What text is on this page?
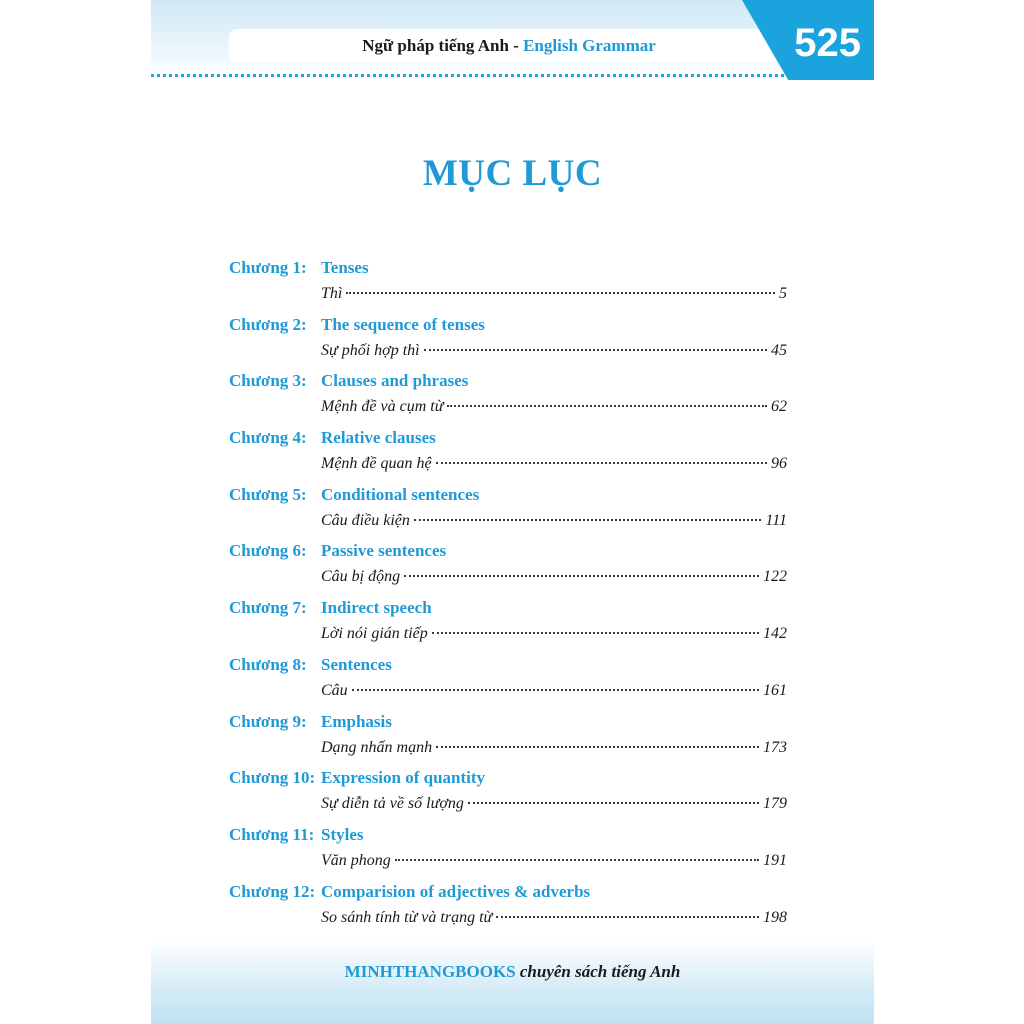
Ngữ pháp tiếng Anh - English Grammar	525
MỤC LỤC
Chương 1: Tenses
Thì	5
Chương 2: The sequence of tenses
Sự phối hợp thì	45
Chương 3: Clauses and phrases
Mệnh đề và cụm từ	62
Chương 4: Relative clauses
Mệnh đề quan hệ	96
Chương 5: Conditional sentences
Câu điều kiện	111
Chương 6: Passive sentences
Câu bị động	122
Chương 7: Indirect speech
Lời nói gián tiếp	142
Chương 8: Sentences
Câu	161
Chương 9: Emphasis
Dạng nhấn mạnh	173
Chương 10: Expression of quantity
Sự diễn tả về số lượng	179
Chương 11: Styles
Văn phong	191
Chương 12: Comparision of adjectives & adverbs
So sánh tính từ và trạng từ	198
MINHTHANGBOOKS chuyên sách tiếng Anh
